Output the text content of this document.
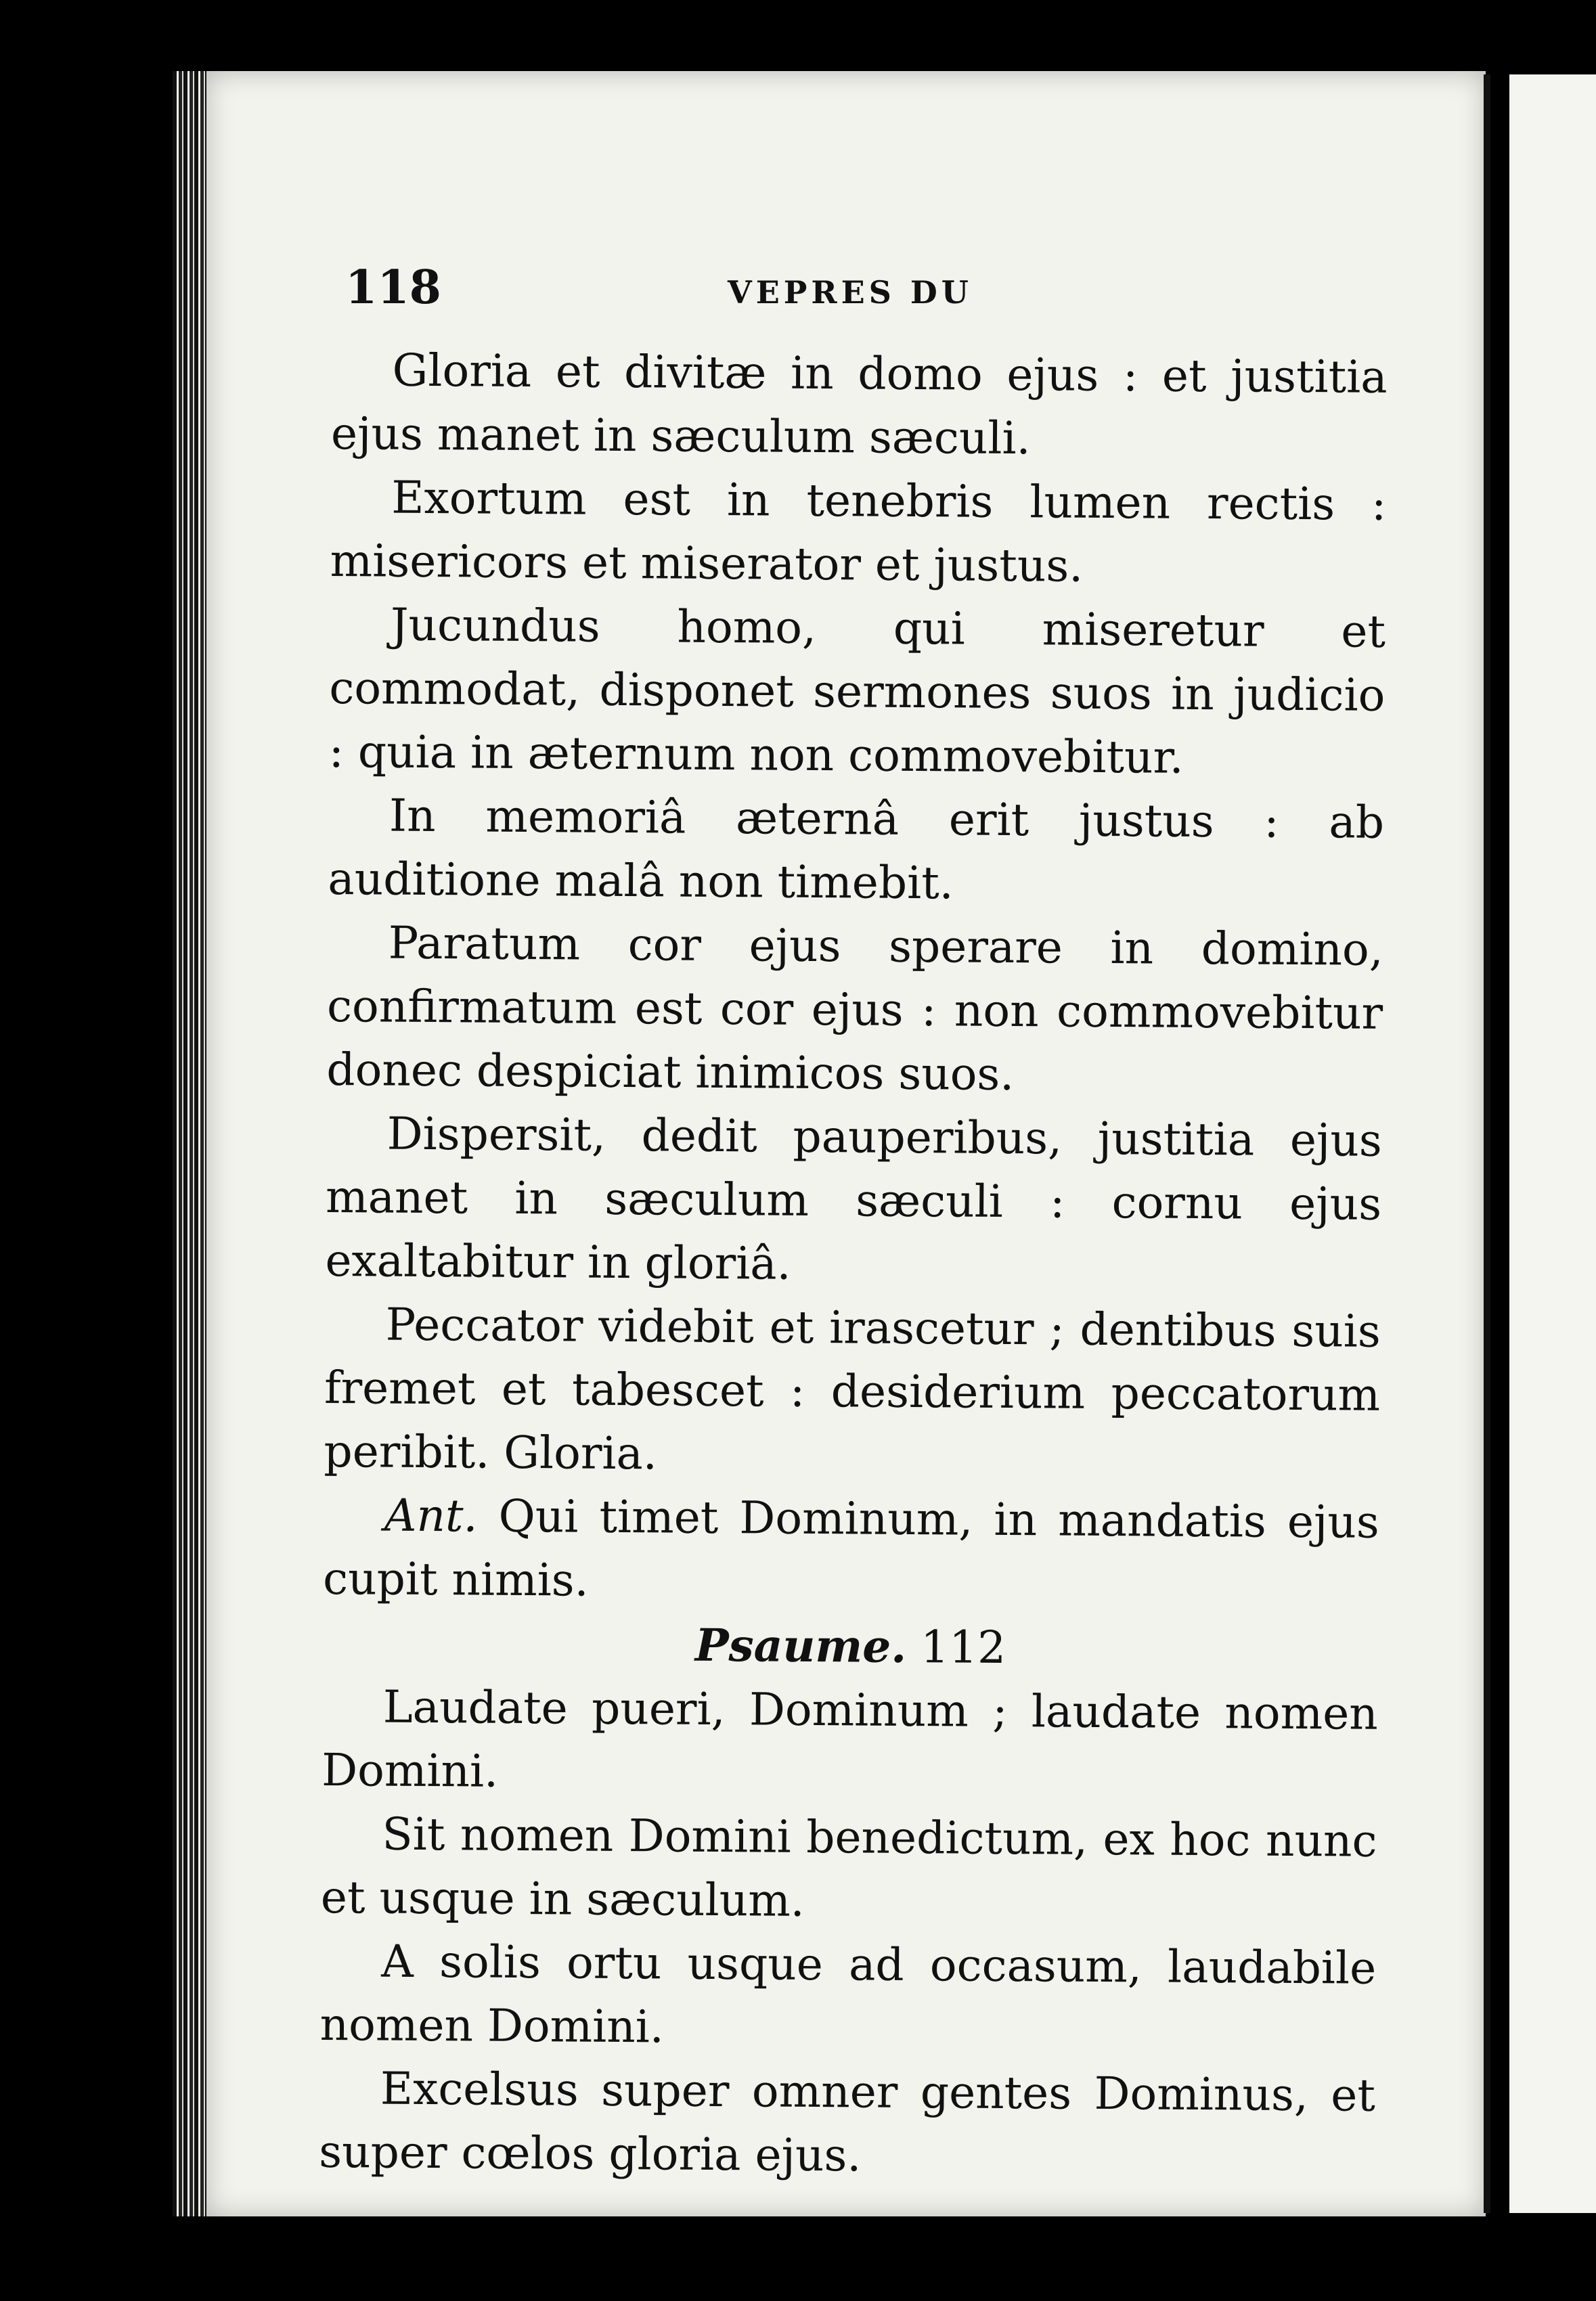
118	VEPRES DU

Gloria et divitæ in domo ejus : et justitia ejus manet in sæculum sæculi.

Exortum est in tenebris lumen rectis : misericors et miserator et justus.

Jucundus homo, qui miseretur et commodat, disponet sermones suos in judicio : quia in æternum non commovebitur.

In memoriâ æternâ erit justus : ab auditione malâ non timebit.

Paratum cor ejus sperare in domino, confirmatum est cor ejus : non commovebitur donec despiciat inimicos suos.

Dispersit, dedit pauperibus, justitia ejus manet in sæculum sæculi : cornu ejus exaltabitur in gloriâ.

Peccator videbit et irascetur ; dentibus suis fremet et tabescet : desiderium peccatorum peribit. Gloria.

Ant. Qui timet Dominum, in mandatis ejus cupit nimis.

Psaume. 112

Laudate pueri, Dominum ; laudate nomen Domini.

Sit nomen Domini benedictum, ex hoc nunc et usque in sæculum.

A solis ortu usque ad occasum, laudabile nomen Domini.

Excelsus super omner gentes Dominus, et super cœlos gloria ejus.
